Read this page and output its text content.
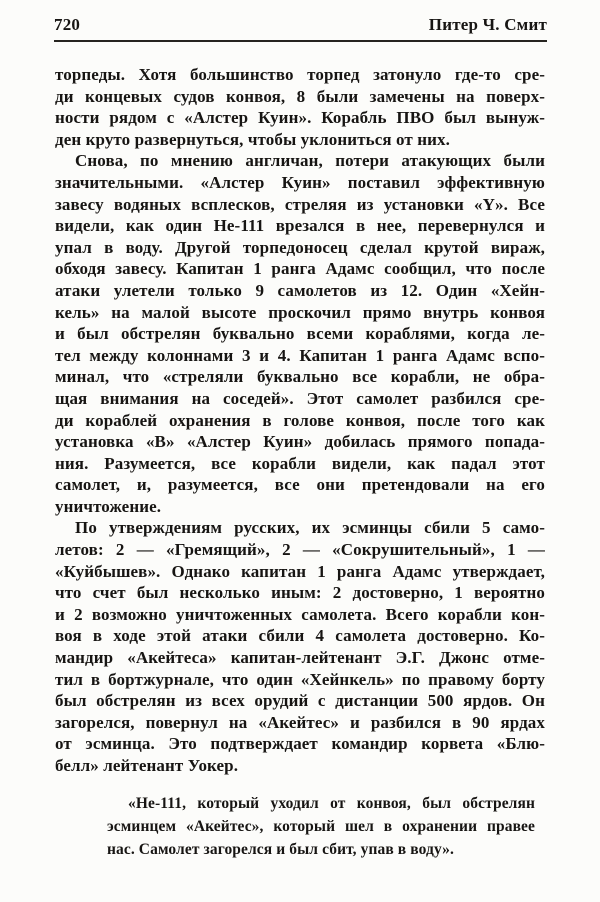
720	Питер Ч. Смит
торпеды. Хотя большинство торпед затонуло где-то сре-
ди концевых судов конвоя, 8 были замечены на поверх-
ности рядом с «Алстер Куин». Корабль ПВО был вынуж-
ден круто развернуться, чтобы уклониться от них.
Снова, по мнению англичан, потери атакующих были
значительными. «Алстер Куин» поставил эффективную
завесу водяных всплесков, стреляя из установки «Y». Все
видели, как один Не-111 врезался в нее, перевернулся и
упал в воду. Другой торпедоносец сделал крутой вираж,
обходя завесу. Капитан 1 ранга Адамс сообщил, что после
атаки улетели только 9 самолетов из 12. Один «Хейн-
кель» на малой высоте проскочил прямо внутрь конвоя
и был обстрелян буквально всеми кораблями, когда ле-
тел между колоннами 3 и 4. Капитан 1 ранга Адамс вспо-
минал, что «стреляли буквально все корабли, не обра-
щая внимания на соседей». Этот самолет разбился сре-
ди кораблей охранения в голове конвоя, после того как
установка «В» «Алстер Куин» добилась прямого попада-
ния. Разумеется, все корабли видели, как падал этот
самолет, и, разумеется, все они претендовали на его
уничтожение.
По утверждениям русских, их эсминцы сбили 5 само-
летов: 2 — «Гремящий», 2 — «Сокрушительный», 1 —
«Куйбышев». Однако капитан 1 ранга Адамс утверждает,
что счет был несколько иным: 2 достоверно, 1 вероятно
и 2 возможно уничтоженных самолета. Всего корабли кон-
воя в ходе этой атаки сбили 4 самолета достоверно. Ко-
мандир «Акейтеса» капитан-лейтенант Э.Г. Джонс отме-
тил в бортжурнале, что один «Хейнкель» по правому борту
был обстрелян из всех орудий с дистанции 500 ярдов. Он
загорелся, повернул на «Акейтес» и разбился в 90 ярдах
от эсминца. Это подтверждает командир корвета «Блю-
белл» лейтенант Уокер.
«Не-111, который уходил от конвоя, был обстрелян
эсминцем «Акейтес», который шел в охранении правее
нас. Самолет загорелся и был сбит, упав в воду».
